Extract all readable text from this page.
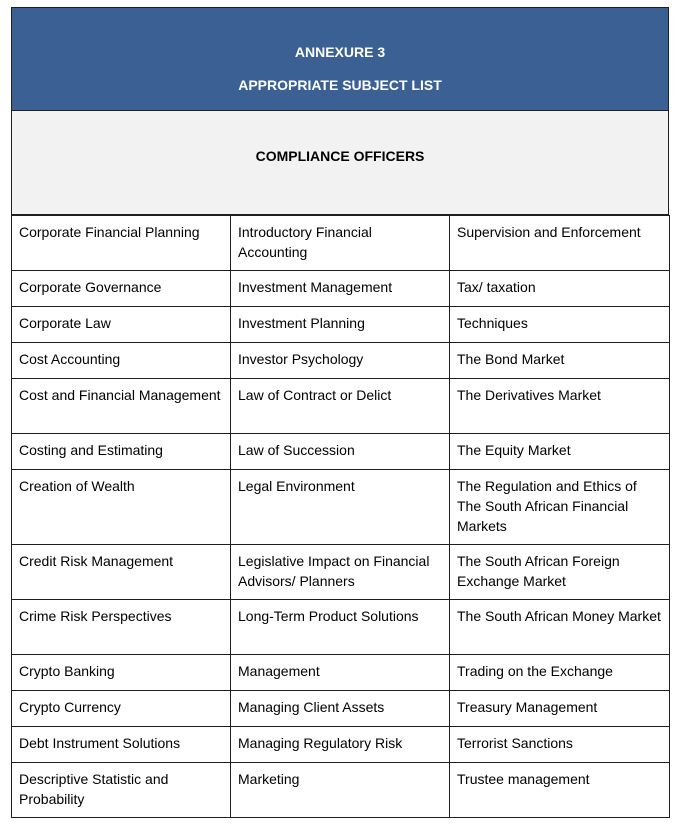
ANNEXURE 3
APPROPRIATE SUBJECT LIST
COMPLIANCE OFFICERS
Corporate Financial Planning	Introductory Financial Accounting	Supervision and Enforcement
Corporate Governance	Investment Management	Tax/ taxation
Corporate Law	Investment Planning	Techniques
Cost Accounting	Investor Psychology	The Bond Market
Cost and Financial Management	Law of Contract or Delict	The Derivatives Market
Costing and Estimating	Law of Succession	The Equity Market
Creation of Wealth	Legal Environment	The Regulation and Ethics of The South African Financial Markets
Credit Risk Management	Legislative Impact on Financial Advisors/ Planners	The South African Foreign Exchange Market
Crime Risk Perspectives	Long-Term Product Solutions	The South African Money Market
Crypto Banking	Management	Trading on the Exchange
Crypto Currency	Managing Client Assets	Treasury Management
Debt Instrument Solutions	Managing Regulatory Risk	Terrorist Sanctions
Descriptive Statistic and Probability	Marketing	Trustee management
